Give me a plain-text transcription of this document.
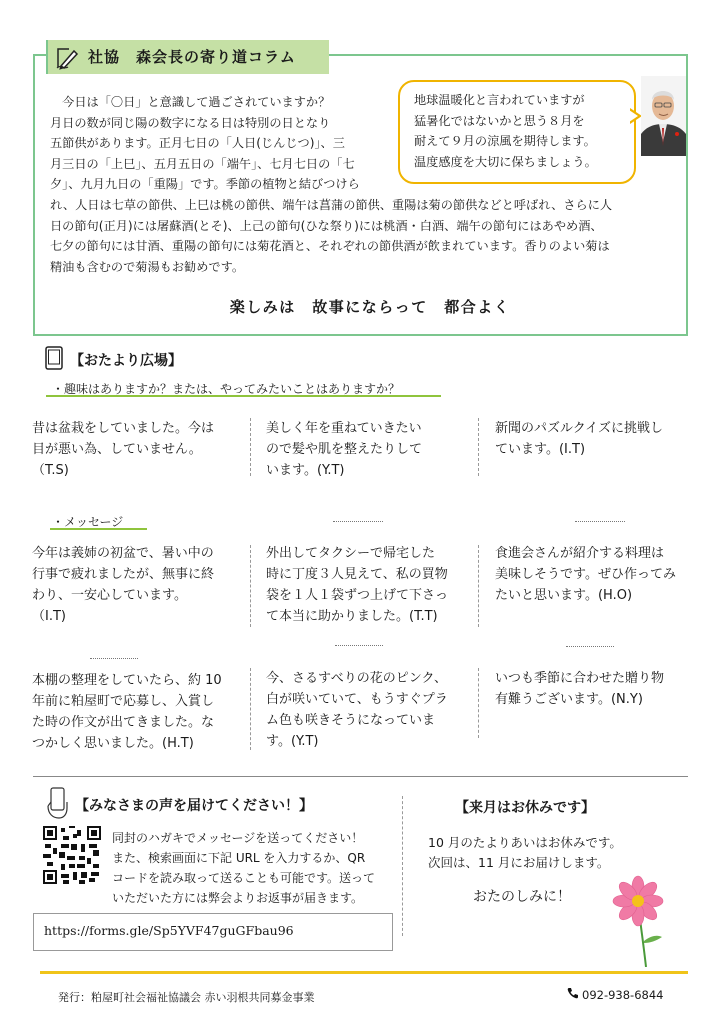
社協　森会長の寄り道コラム

　今日は「〇日」と意識して過ごされていますか？

月日の数が同じ陽の数字になる日は特別の日となり

五節供があります。正月七日の「人日(じんじつ)」、三

月三日の「上巳」、五月五日の「端午」、七月七日の「七

夕」、九月九日の「重陽」です。季節の植物と結びつけら

地球温暖化と言われていますが

猛暑化ではないかと思う８月を

耐えて９月の涼風を期待します。

温度感度を大切に保ちましょう。

れ、人日は七草の節供、上巳は桃の節供、端午は菖蒲の節供、重陽は菊の節供などと呼ばれ、さらに人

日の節句(正月)には屠蘇酒(とそ)、上己の節句(ひな祭り)には桃酒・白酒、端午の節句にはあやめ酒、

七夕の節句には甘酒、重陽の節句には菊花酒と、それぞれの節供酒が飲まれています。香りのよい菊は

精油も含むので菊湯もお勧めです。

楽しみは　故事にならって　都合よく
【おたより広場】
・趣味はありますか？または、やってみたいことはありますか？

昔は盆栽をしていました。今は

目が悪い為、していません。

（T.S)

美しく年を重ねていきたい

ので髪や肌を整えたりして

います。(Y.T)

新聞のパズルクイズに挑戦し

ています。(I.T)

・メッセージ

今年は義姉の初盆で、暑い中の

行事で疲れましたが、無事に終

わり、一安心しています。

（I.T)

外出してタクシーで帰宅した

時に丁度３人見えて、私の買物

袋を１人１袋ずつ上げて下さっ

て本当に助かりました。(T.T)

食進会さんが紹介する料理は

美味しそうです。ぜひ作ってみ

たいと思います。(H.O)

本棚の整理をしていたら、約 10

年前に粕屋町で応募し、入賞し

た時の作文が出てきました。な

つかしく思いました。(H.T)

今、さるすべりの花のピンク、

白が咲いていて、もうすぐプラ

ム色も咲きそうになっていま

す。(Y.T)

いつも季節に合わせた贈り物

有難うございます。(N.Y)

【みなさまの声を届けてください！】

同封のハガキでメッセージを送ってください！

また、検索画面に下記 URL を入力するか、QR

コードを読み取って送ることも可能です。送って

いただいた方には弊会よりお返事が届きます。

https://forms.gle/Sp5YVF47guGFbau96
【来月はお休みです】

10 月のたよりあいはお休みです。

次回は、11 月にお届けします。

おたのしみに！
発行：粕屋町社会福祉協議会 赤い羽根共同募金事業	092-938-6844
